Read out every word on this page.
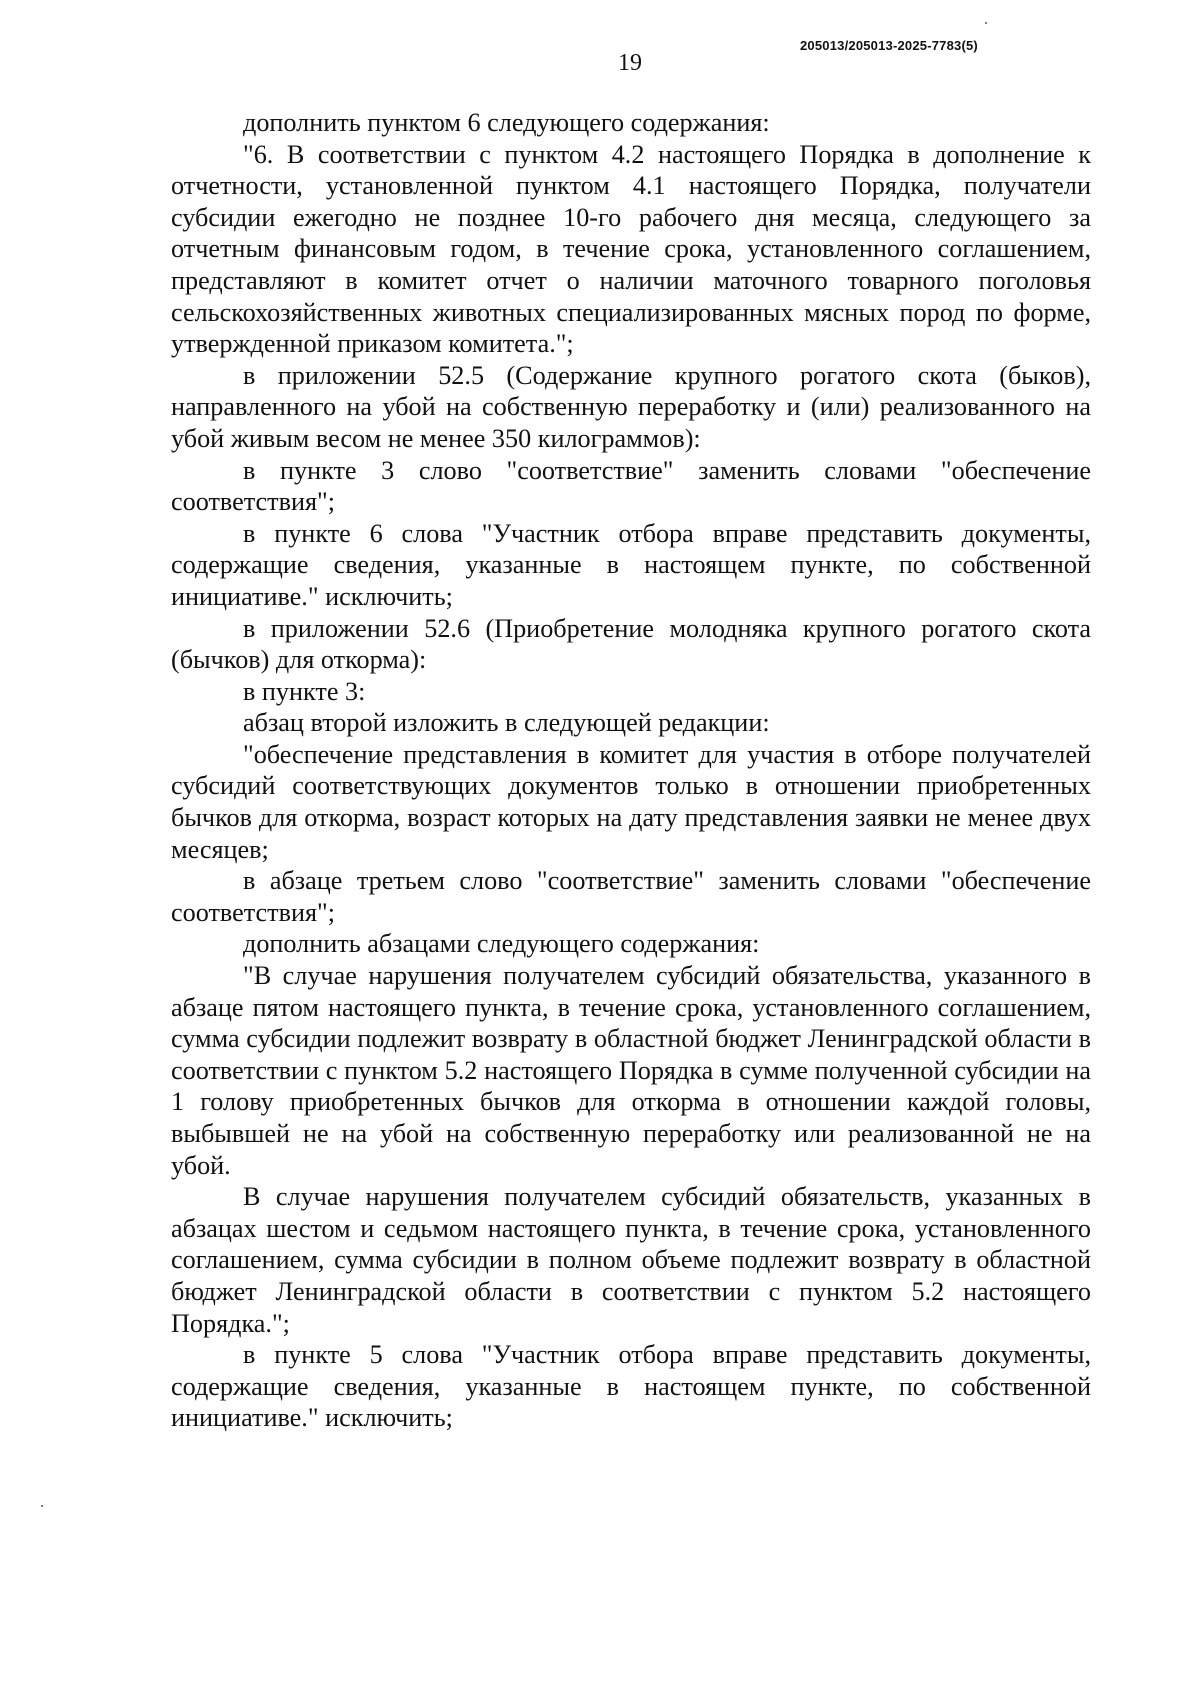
205013/205013-2025-7783(5)
19

дополнить пунктом 6 следующего содержания:

"6. В соответствии с пунктом 4.2 настоящего Порядка в дополнение к отчетности, установленной пунктом 4.1 настоящего Порядка, получатели субсидии ежегодно не позднее 10-го рабочего дня месяца, следующего за отчетным финансовым годом, в течение срока, установленного соглашением, представляют в комитет отчет о наличии маточного товарного поголовья сельскохозяйственных животных специализированных мясных пород по форме, утвержденной приказом комитета.";

в приложении 52.5 (Содержание крупного рогатого скота (быков), направленного на убой на собственную переработку и (или) реализованного на убой живым весом не менее 350 килограммов):

в пункте 3 слово "соответствие" заменить словами "обеспечение соответствия";

в пункте 6 слова "Участник отбора вправе представить документы, содержащие сведения, указанные в настоящем пункте, по собственной инициативе." исключить;

в приложении 52.6 (Приобретение молодняка крупного рогатого скота (бычков) для откорма):

в пункте 3:

абзац второй изложить в следующей редакции:

"обеспечение представления в комитет для участия в отборе получателей субсидий соответствующих документов только в отношении приобретенных бычков для откорма, возраст которых на дату представления заявки не менее двух месяцев;

в абзаце третьем слово "соответствие" заменить словами "обеспечение соответствия";

дополнить абзацами следующего содержания:

"В случае нарушения получателем субсидий обязательства, указанного в абзаце пятом настоящего пункта, в течение срока, установленного соглашением, сумма субсидии подлежит возврату в областной бюджет Ленинградской области в соответствии с пунктом 5.2 настоящего Порядка в сумме полученной субсидии на 1 голову приобретенных бычков для откорма в отношении каждой головы, выбывшей не на убой на собственную переработку или реализованной не на убой.

В случае нарушения получателем субсидий обязательств, указанных в абзацах шестом и седьмом настоящего пункта, в течение срока, установленного соглашением, сумма субсидии в полном объеме подлежит возврату в областной бюджет Ленинградской области в соответствии с пунктом 5.2 настоящего Порядка.";

в пункте 5 слова "Участник отбора вправе представить документы, содержащие сведения, указанные в настоящем пункте, по собственной инициативе." исключить;
